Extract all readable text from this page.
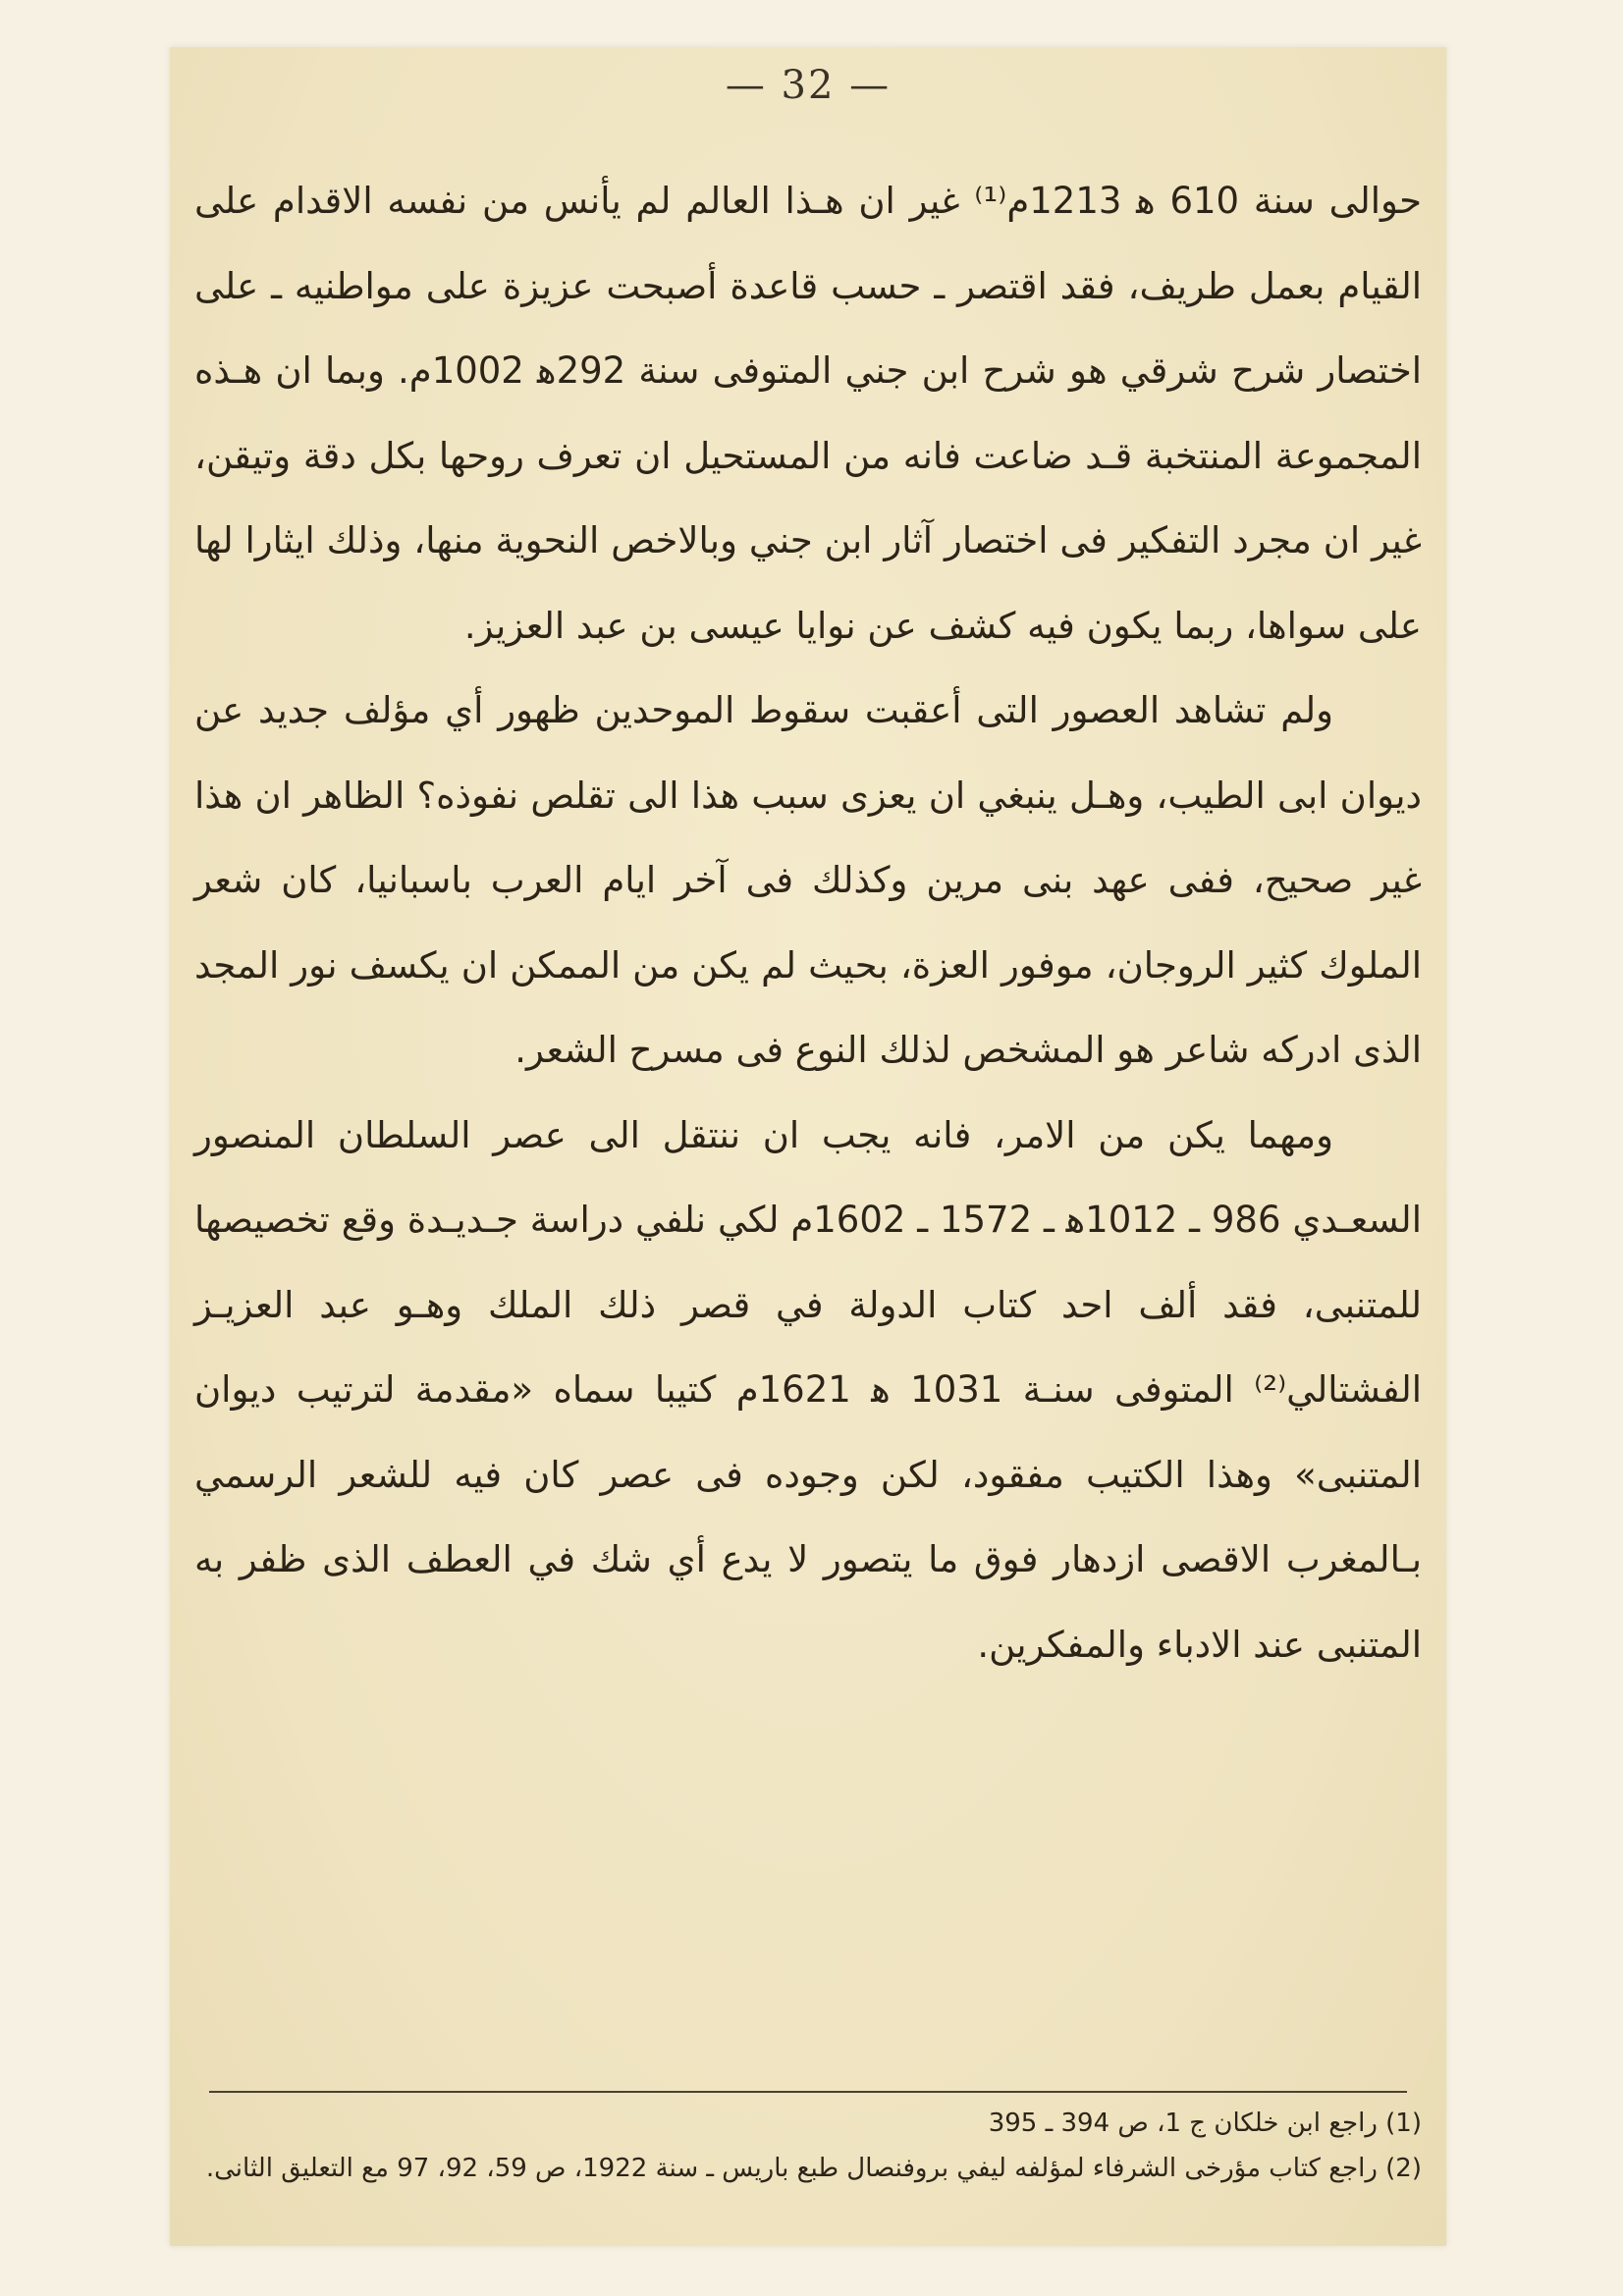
— 32 —

حوالى سنة 610 ه‍ 1213م⁽¹⁾ غير ان هـذا العالم لم يأنس من نفسه الاقدام على القيام بعمل طريف، فقد اقتصر ـ حسب قاعدة أصبحت عزيزة على مواطنيه ـ على اختصار شرح شرقي هو شرح ابن جني المتوفى سنة 292ه‍ 1002م. وبما ان هـذه المجموعة المنتخبة قـد ضاعت فانه من المستحيل ان تعرف روحها بكل دقة وتيقن، غير ان مجرد التفكير فى اختصار آثار ابن جني وبالاخص النحوية منها، وذلك ايثارا لها على سواها، ربما يكون فيه كشف عن نوايا عيسى بن عبد العزيز.

ولم تشاهد العصور التى أعقبت سقوط الموحدين ظهور أي مؤلف جديد عن ديوان ابى الطيب، وهـل ينبغي ان يعزى سبب هذا الى تقلص نفوذه؟ الظاهر ان هذا غير صحيح، ففى عهد بنى مرين وكذلك فى آخر ايام العرب باسبانيا، كان شعر الملوك كثير الروجان، موفور العزة، بحيث لم يكن من الممكن ان يكسف نور المجد الذى ادركه شاعر هو المشخص لذلك النوع فى مسرح الشعر.

ومهما يكن من الامر، فانه يجب ان ننتقل الى عصر السلطان المنصور السعـدي 986 ـ 1012ه‍ ـ 1572 ـ 1602م لكي نلفي دراسة جـديـدة وقع تخصيصها للمتنبى، فقد ألف احد كتاب الدولة في قصر ذلك الملك وهـو عبد العزيـز الفشتالي⁽²⁾ المتوفى سنـة 1031 ه‍ 1621م كتيبا سماه «مقدمة لترتيب ديوان المتنبى» وهذا الكتيب مفقود، لكن وجوده فى عصر كان فيه للشعر الرسمي بـالمغرب الاقصى ازدهار فوق ما يتصور لا يدع أي شك في العطف الذى ظفر به المتنبى عند الادباء والمفكرين.

(1) راجع ابن خلكان ج 1، ص 394 ـ 395

(2) راجع كتاب مؤرخى الشرفاء لمؤلفه ليفي بروفنصال طبع باريس ـ سنة 1922، ص 59، 92، 97 مع التعليق الثانى.
